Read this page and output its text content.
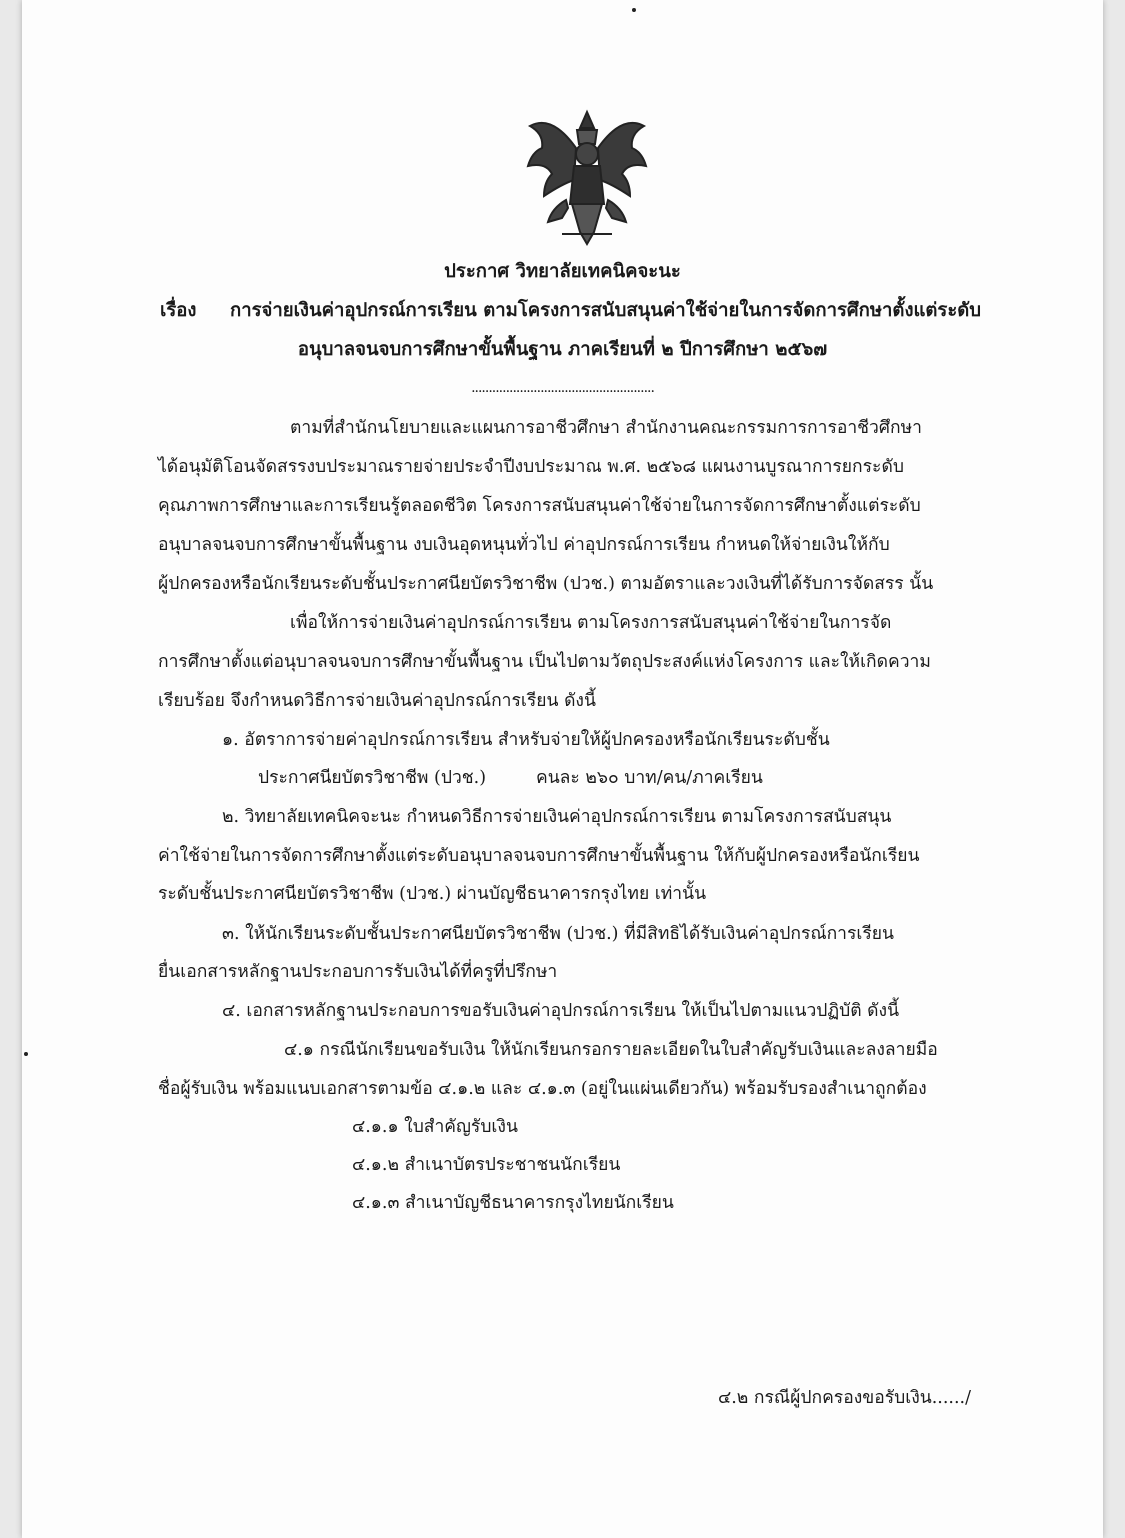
ประกาศ วิทยาลัยเทคนิคจะนะ
เรื่อง การจ่ายเงินค่าอุปกรณ์การเรียน ตามโครงการสนับสนุนค่าใช้จ่ายในการจัดการศึกษาตั้งแต่ระดับ
อนุบาลจนจบการศึกษาขั้นพื้นฐาน ภาคเรียนที่ ๒ ปีการศึกษา ๒๕๖๗
.....................................................
ตามที่สำนักนโยบายและแผนการอาชีวศึกษา สำนักงานคณะกรรมการการอาชีวศึกษา
ได้อนุมัติโอนจัดสรรงบประมาณรายจ่ายประจำปีงบประมาณ พ.ศ. ๒๕๖๘ แผนงานบูรณาการยกระดับ
คุณภาพการศึกษาและการเรียนรู้ตลอดชีวิต โครงการสนับสนุนค่าใช้จ่ายในการจัดการศึกษาตั้งแต่ระดับ
อนุบาลจนจบการศึกษาขั้นพื้นฐาน งบเงินอุดหนุนทั่วไป ค่าอุปกรณ์การเรียน กำหนดให้จ่ายเงินให้กับ
ผู้ปกครองหรือนักเรียนระดับชั้นประกาศนียบัตรวิชาชีพ (ปวช.) ตามอัตราและวงเงินที่ได้รับการจัดสรร นั้น
เพื่อให้การจ่ายเงินค่าอุปกรณ์การเรียน ตามโครงการสนับสนุนค่าใช้จ่ายในการจัด
การศึกษาตั้งแต่อนุบาลจนจบการศึกษาขั้นพื้นฐาน เป็นไปตามวัตถุประสงค์แห่งโครงการ และให้เกิดความ
เรียบร้อย จึงกำหนดวิธีการจ่ายเงินค่าอุปกรณ์การเรียน ดังนี้
๑. อัตราการจ่ายค่าอุปกรณ์การเรียน สำหรับจ่ายให้ผู้ปกครองหรือนักเรียนระดับชั้น
ประกาศนียบัตรวิชาชีพ (ปวช.)	คนละ ๒๖๐ บาท/คน/ภาคเรียน
๒. วิทยาลัยเทคนิคจะนะ กำหนดวิธีการจ่ายเงินค่าอุปกรณ์การเรียน ตามโครงการสนับสนุน
ค่าใช้จ่ายในการจัดการศึกษาตั้งแต่ระดับอนุบาลจนจบการศึกษาขั้นพื้นฐาน ให้กับผู้ปกครองหรือนักเรียน
ระดับชั้นประกาศนียบัตรวิชาชีพ (ปวช.) ผ่านบัญชีธนาคารกรุงไทย เท่านั้น
๓. ให้นักเรียนระดับชั้นประกาศนียบัตรวิชาชีพ (ปวช.) ที่มีสิทธิได้รับเงินค่าอุปกรณ์การเรียน
ยื่นเอกสารหลักฐานประกอบการรับเงินได้ที่ครูที่ปรึกษา
๔. เอกสารหลักฐานประกอบการขอรับเงินค่าอุปกรณ์การเรียน ให้เป็นไปตามแนวปฏิบัติ ดังนี้
๔.๑ กรณีนักเรียนขอรับเงิน ให้นักเรียนกรอกรายละเอียดในใบสำคัญรับเงินและลงลายมือ
ชื่อผู้รับเงิน พร้อมแนบเอกสารตามข้อ ๔.๑.๒ และ ๔.๑.๓ (อยู่ในแผ่นเดียวกัน) พร้อมรับรองสำเนาถูกต้อง
๔.๑.๑ ใบสำคัญรับเงิน
๔.๑.๒ สำเนาบัตรประชาชนนักเรียน
๔.๑.๓ สำเนาบัญชีธนาคารกรุงไทยนักเรียน
๔.๒ กรณีผู้ปกครองขอรับเงิน....../
